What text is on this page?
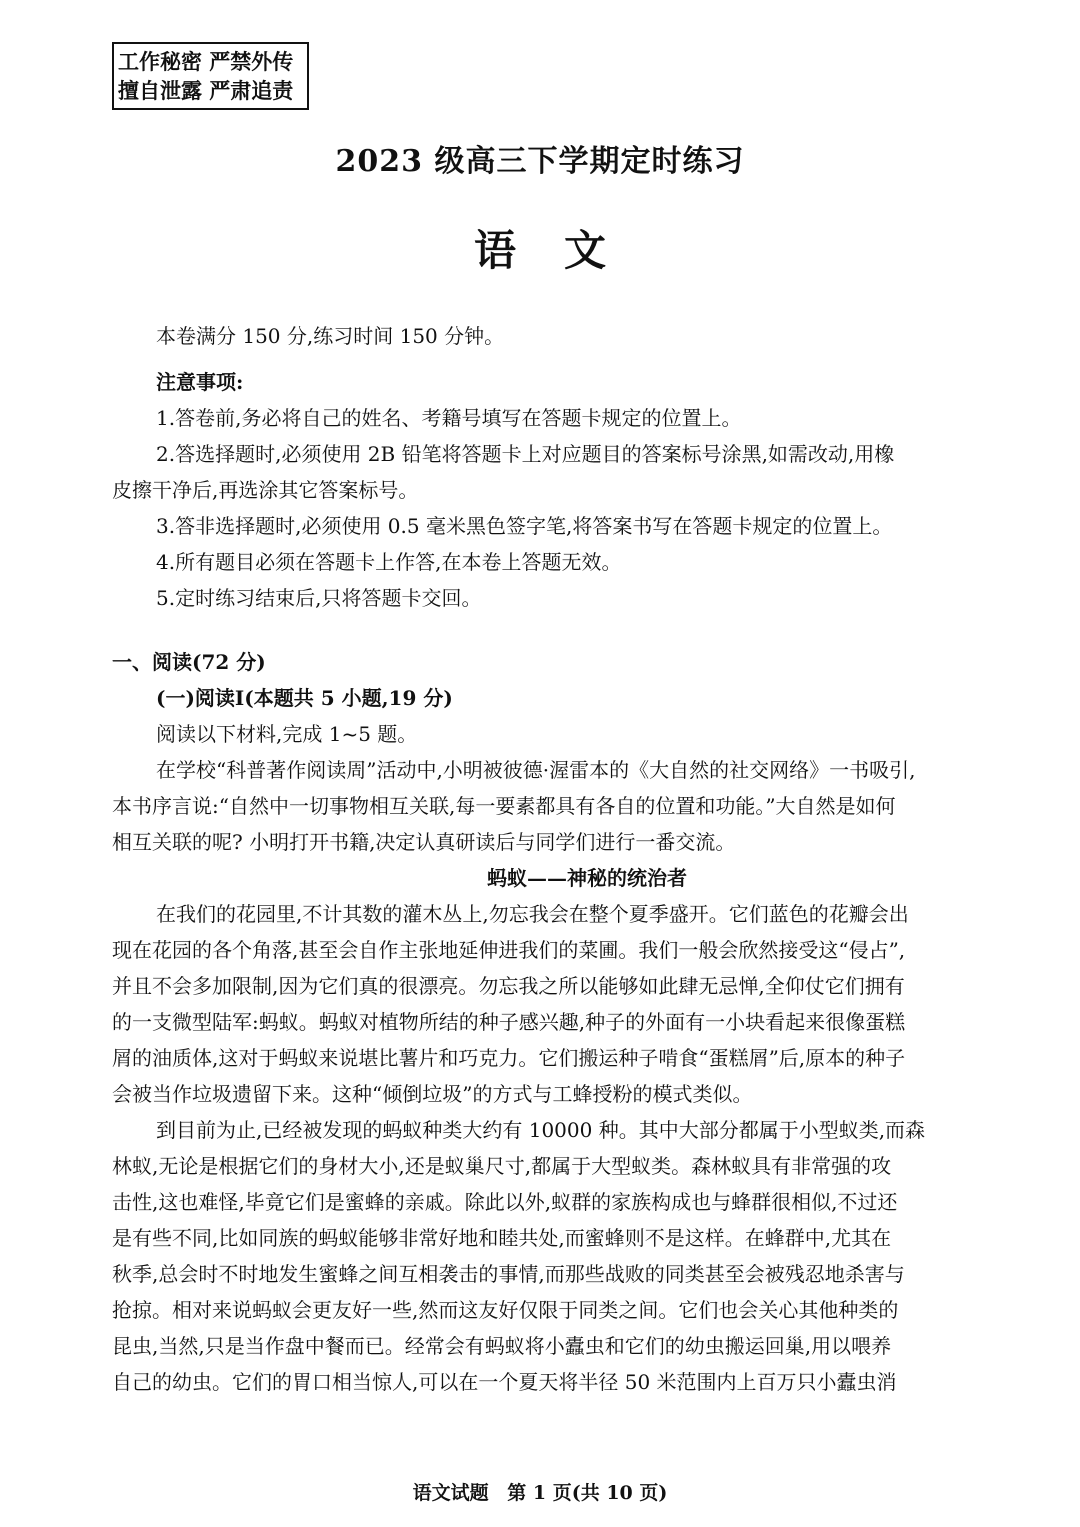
工作秘密 严禁外传
擅自泄露 严肃追责
2023 级高三下学期定时练习
语文

本卷满分 150 分,练习时间 150 分钟。

注意事项:

1.答卷前,务必将自己的姓名、考籍号填写在答题卡规定的位置上。

2.答选择题时,必须使用 2B 铅笔将答题卡上对应题目的答案标号涂黑,如需改动,用橡

皮擦干净后,再选涂其它答案标号。

3.答非选择题时,必须使用 0.5 毫米黑色签字笔,将答案书写在答题卡规定的位置上。

4.所有题目必须在答题卡上作答,在本卷上答题无效。

5.定时练习结束后,只将答题卡交回。

一、阅读(72 分)

(一)阅读Ⅰ(本题共 5 小题,19 分)

阅读以下材料,完成 1~5 题。

在学校“科普著作阅读周”活动中,小明被彼德·渥雷本的《大自然的社交网络》一书吸引,

本书序言说:“自然中一切事物相互关联,每一要素都具有各自的位置和功能。”大自然是如何

相互关联的呢? 小明打开书籍,决定认真研读后与同学们进行一番交流。

蚂蚁——神秘的统治者

在我们的花园里,不计其数的灌木丛上,勿忘我会在整个夏季盛开。它们蓝色的花瓣会出

现在花园的各个角落,甚至会自作主张地延伸进我们的菜圃。我们一般会欣然接受这“侵占”,

并且不会多加限制,因为它们真的很漂亮。勿忘我之所以能够如此肆无忌惮,全仰仗它们拥有

的一支微型陆军:蚂蚁。蚂蚁对植物所结的种子感兴趣,种子的外面有一小块看起来很像蛋糕

屑的油质体,这对于蚂蚁来说堪比薯片和巧克力。它们搬运种子啃食“蛋糕屑”后,原本的种子

会被当作垃圾遗留下来。这种“倾倒垃圾”的方式与工蜂授粉的模式类似。

到目前为止,已经被发现的蚂蚁种类大约有 10000 种。其中大部分都属于小型蚁类,而森

林蚁,无论是根据它们的身材大小,还是蚁巢尺寸,都属于大型蚁类。森林蚁具有非常强的攻

击性,这也难怪,毕竟它们是蜜蜂的亲戚。除此以外,蚁群的家族构成也与蜂群很相似,不过还

是有些不同,比如同族的蚂蚁能够非常好地和睦共处,而蜜蜂则不是这样。在蜂群中,尤其在

秋季,总会时不时地发生蜜蜂之间互相袭击的事情,而那些战败的同类甚至会被残忍地杀害与

抢掠。相对来说蚂蚁会更友好一些,然而这友好仅限于同类之间。它们也会关心其他种类的

昆虫,当然,只是当作盘中餐而已。经常会有蚂蚁将小蠹虫和它们的幼虫搬运回巢,用以喂养

自己的幼虫。它们的胃口相当惊人,可以在一个夏天将半径 50 米范围内上百万只小蠹虫消

语文试题 第 1 页(共 10 页)
